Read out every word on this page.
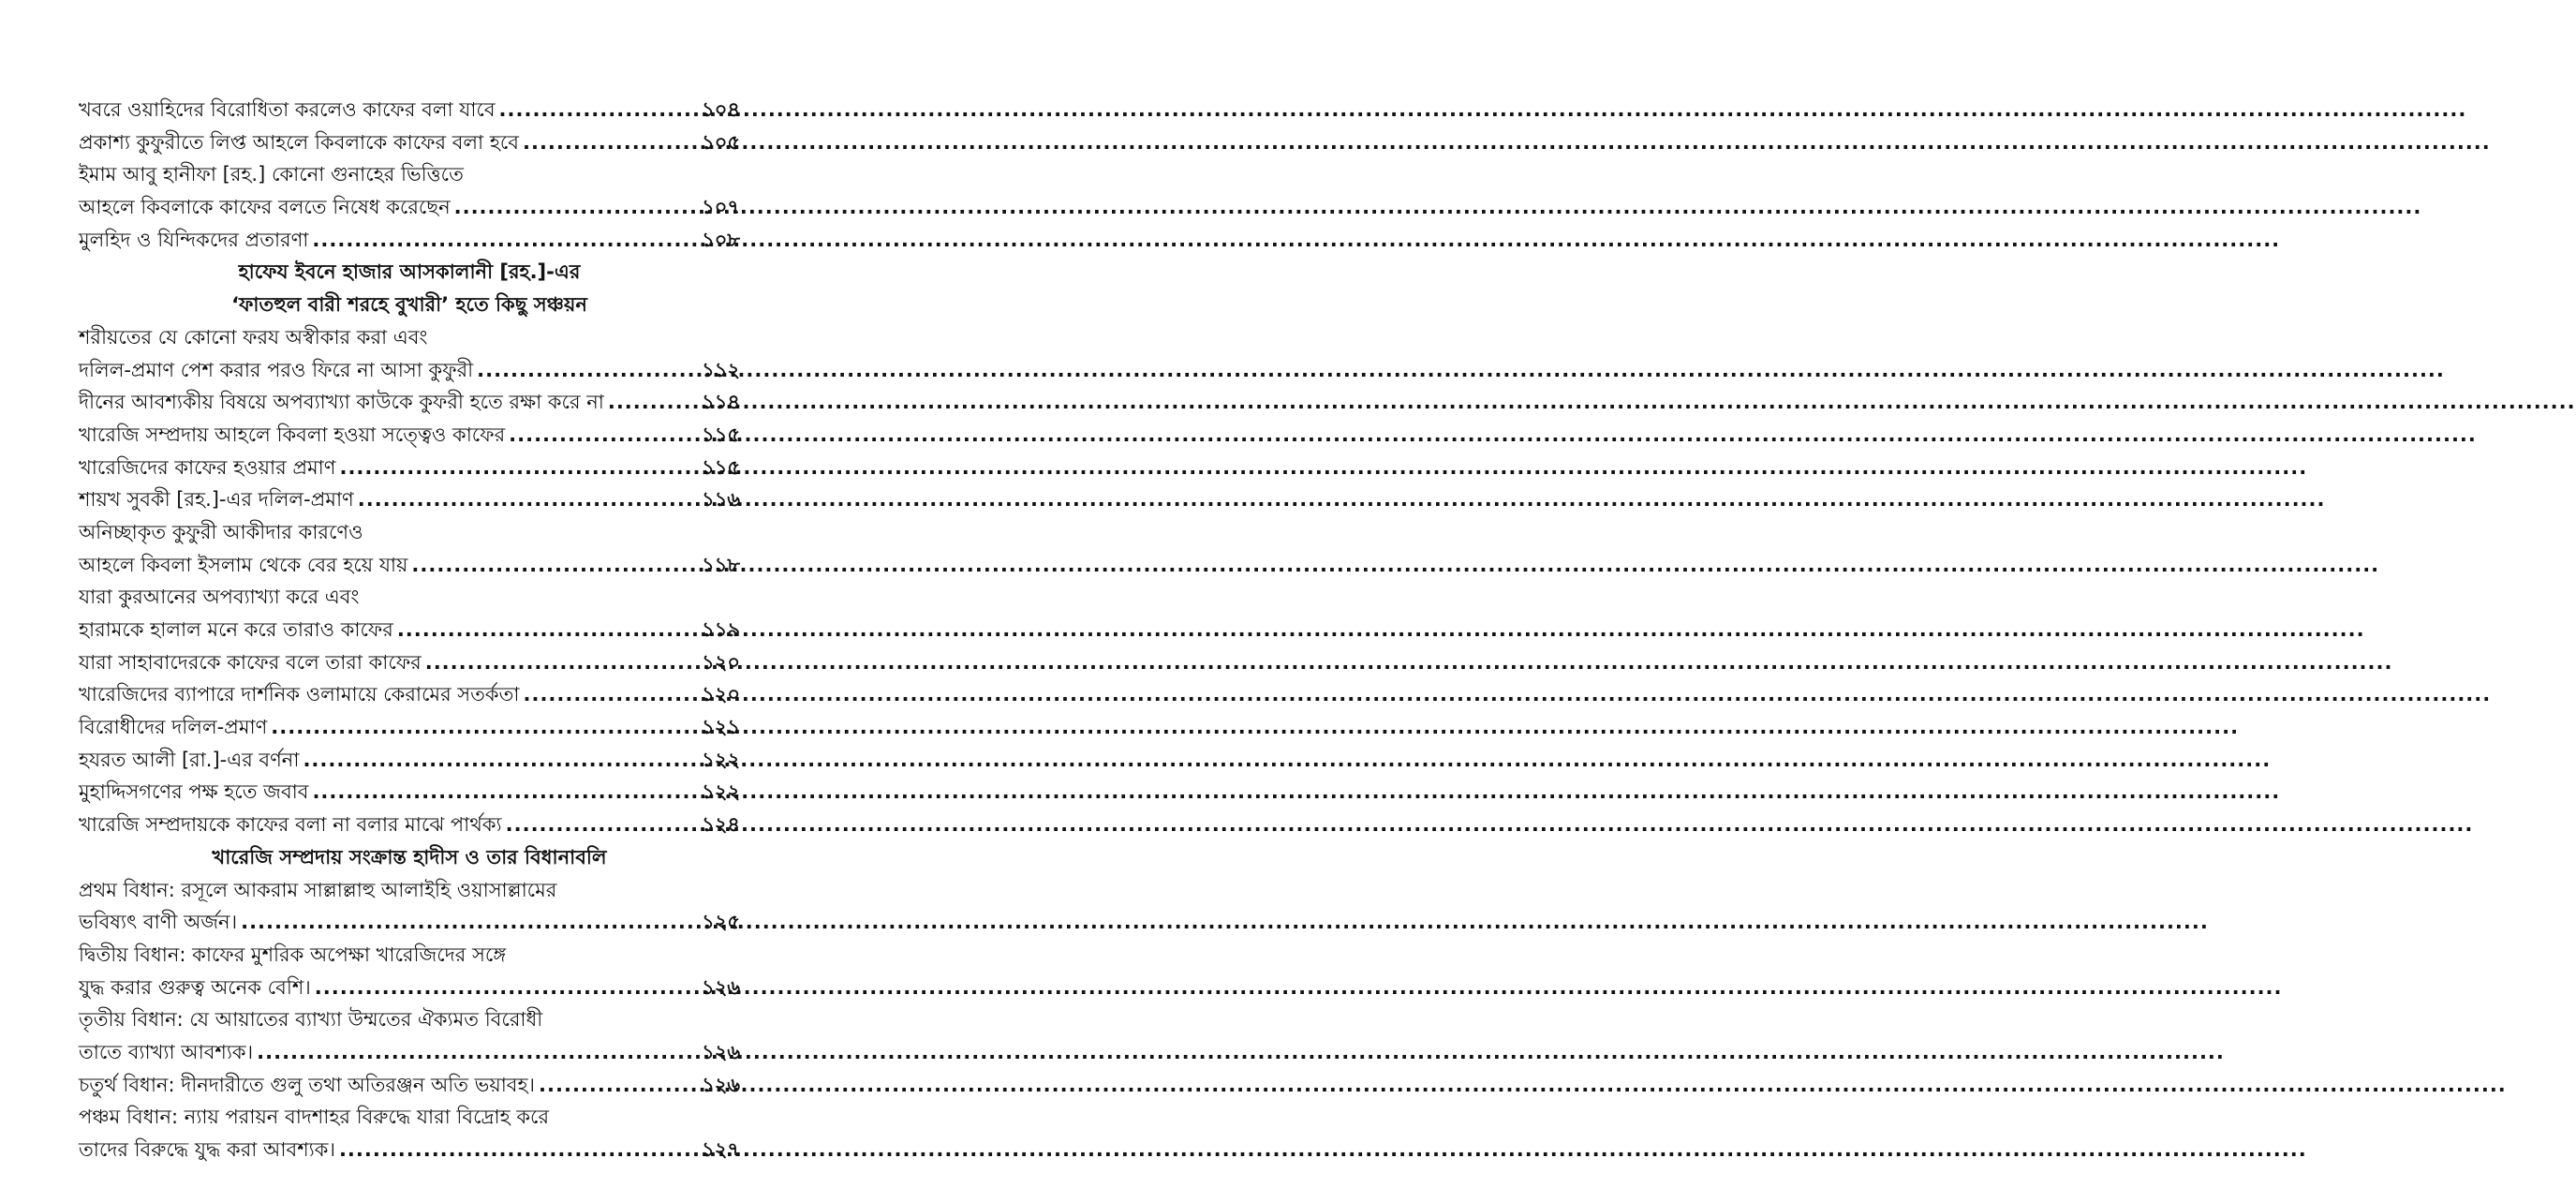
খবরে ওয়াহিদের বিরোধিতা করলেও কাফের বলা যাবে .....	১০৪
প্রকাশ্য কুফুরীতে লিপ্ত আহলে কিবলাকে কাফের বলা হবে .....	১০৫
ইমাম আবু হানীফা [রহ.] কোনো গুনাহের ভিত্তিতে
আহলে কিবলাকে কাফের বলতে নিষেধ করেছেন .....	১০৭
মুলহিদ ও যিন্দিকদের প্রতারণা .....	১০৮
হাফেয ইবনে হাজার আসকালানী [রহ.]-এর
‘ফাতহুল বারী শরহে বুখারী’ হতে কিছু সঞ্চয়ন
শরীয়তের যে কোনো ফরয অস্বীকার করা এবং
দলিল-প্রমাণ পেশ করার পরও ফিরে না আসা কুফুরী .....	১১২
দীনের আবশ্যকীয় বিষয়ে অপব্যাখ্যা কাউকে কুফরী হতে রক্ষা করে না .....	১১৪
খারেজি সম্প্রদায় আহলে কিবলা হওয়া সত্ত্বেও কাফের .....	১১৫
খারেজিদের কাফের হওয়ার প্রমাণ .....	১১৫
শায়খ সুবকী [রহ.]-এর দলিল-প্রমাণ .....	১১৬
অনিচ্ছাকৃত কুফুরী আকীদার কারণেও
আহলে কিবলা ইসলাম থেকে বের হয়ে যায় .....	১১৮
যারা কুরআনের অপব্যাখ্যা করে এবং
হারামকে হালাল মনে করে তারাও কাফের .....	১১৯
যারা সাহাবাদেরকে কাফের বলে তারা কাফের .....	১২০
খারেজিদের ব্যাপারে দার্শনিক ওলামায়ে কেরামের সতর্কতা .....	১২০
বিরোধীদের দলিল-প্রমাণ .....	১২১
হযরত আলী [রা.]-এর বর্ণনা .....	১২২
মুহাদ্দিসগণের পক্ষ হতে জবাব .....	১২২
খারেজি সম্প্রদায়কে কাফের বলা না বলার মাঝে পার্থক্য .....	১২৪
খারেজি সম্প্রদায় সংক্রান্ত হাদীস ও তার বিধানাবলি
প্রথম বিধান: রসূলে আকরাম সাল্লাল্লাহু আলাইহি ওয়াসাল্লামের
ভবিষ্যৎ বাণী অর্জন। .....	১২৫
দ্বিতীয় বিধান: কাফের মুশরিক অপেক্ষা খারেজিদের সঙ্গে
যুদ্ধ করার গুরুত্ব অনেক বেশি। .....	১২৬
তৃতীয় বিধান: যে আয়াতের ব্যাখ্যা উম্মতের ঐক্যমত বিরোধী
তাতে ব্যাখ্যা আবশ্যক। .....	১২৬
চতুর্থ বিধান: দীনদারীতে গুলু তথা অতিরঞ্জন অতি ভয়াবহ। .....	১২৬
পঞ্চম বিধান: ন্যায় পরায়ন বাদশাহর বিরুদ্ধে যারা বিদ্রোহ করে
তাদের বিরুদ্ধে যুদ্ধ করা আবশ্যক। .....	১২৭
